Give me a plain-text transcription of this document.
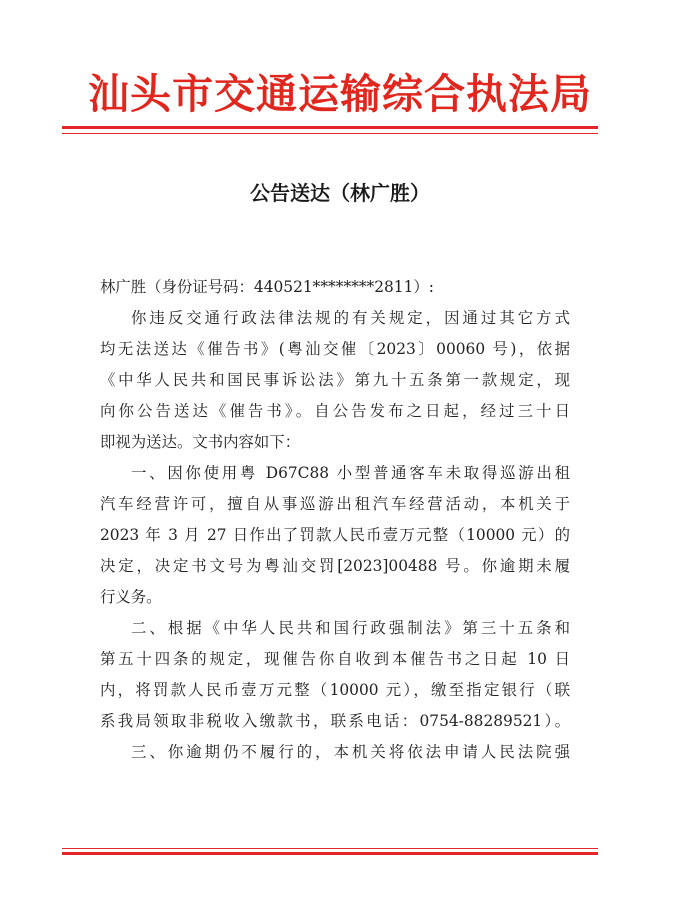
汕头市交通运输综合执法局
公告送达（林广胜）
林广胜（身份证号码：440521********2811）:
你违反交通行政法律法规的有关规定，因通过其它方式
均无法送达《催告书》(粤汕交催〔2023〕00060 号)，依据
《中华人民共和国民事诉讼法》第九十五条第一款规定，现
向你公告送达《催告书》。自公告发布之日起，经过三十日
即视为送达。文书内容如下：
一、因你使用粤 D67C88 小型普通客车未取得巡游出租
汽车经营许可，擅自从事巡游出租汽车经营活动，本机关于
2023 年 3 月 27 日作出了罚款人民币壹万元整（10000 元）的
决定，决定书文号为粤汕交罚[2023]00488 号。你逾期未履
行义务。
二、根据《中华人民共和国行政强制法》第三十五条和
第五十四条的规定，现催告你自收到本催告书之日起 10 日
内，将罚款人民币壹万元整（10000 元），缴至指定银行（联
系我局领取非税收入缴款书，联系电话：0754-88289521）。
三、你逾期仍不履行的，本机关将依法申请人民法院强
